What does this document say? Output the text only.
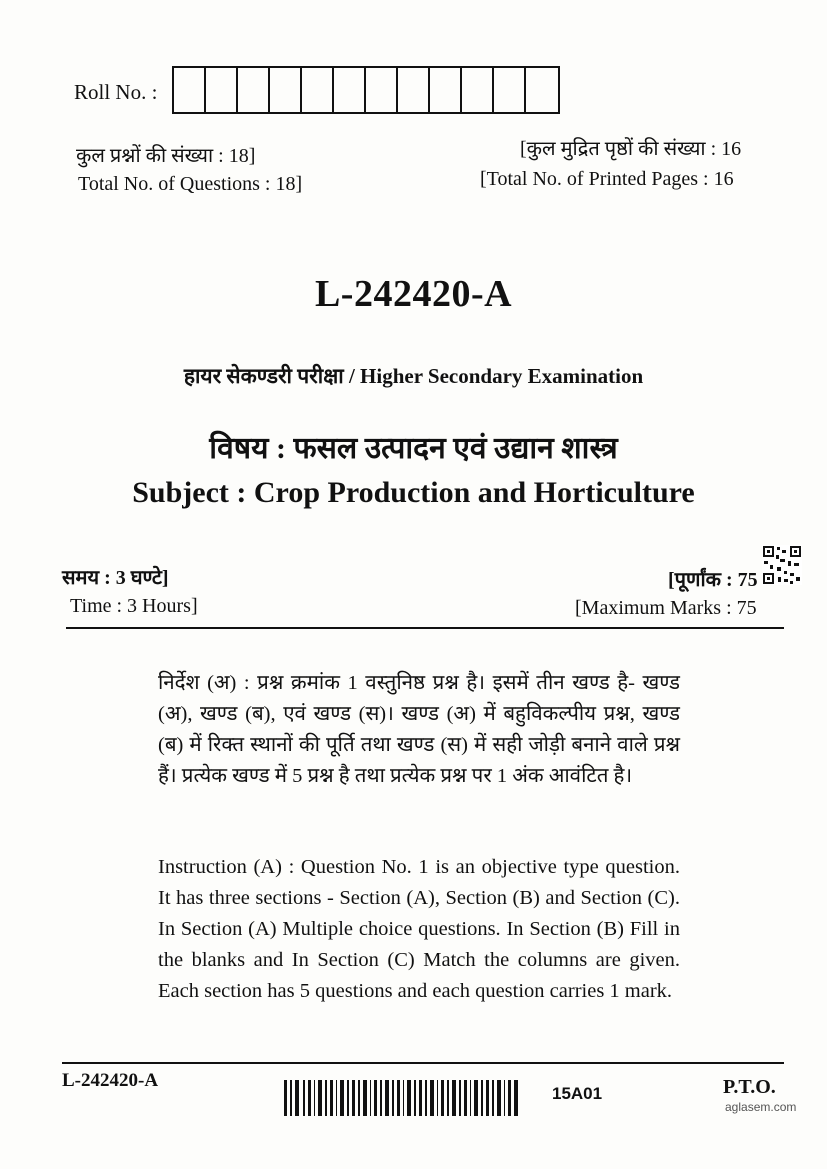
Roll No. :
कुल प्रश्नों की संख्या : 18]
Total No. of Questions : 18]
[कुल मुद्रित पृष्ठों की संख्या : 16
[Total No. of Printed Pages : 16
L-242420-A
हायर सेकण्डरी परीक्षा / Higher Secondary Examination
विषय : फसल उत्पादन एवं उद्यान शास्त्र
Subject : Crop Production and Horticulture
समय : 3 घण्टे]
Time : 3 Hours]
[पूर्णांक : 75
[Maximum Marks : 75
निर्देश (अ) : प्रश्न क्रमांक 1 वस्तुनिष्ठ प्रश्न है। इसमें तीन खण्ड है- खण्ड (अ), खण्ड (ब), एवं खण्ड (स)। खण्ड (अ) में बहुविकल्पीय प्रश्न, खण्ड (ब) में रिक्त स्थानों की पूर्ति तथा खण्ड (स) में सही जोड़ी बनाने वाले प्रश्न हैं। प्रत्येक खण्ड में 5 प्रश्न है तथा प्रत्येक प्रश्न पर 1 अंक आवंटित है।
Instruction (A) : Question No. 1 is an objective type question. It has three sections - Section (A), Section (B) and Section (C). In Section (A) Multiple choice questions. In Section (B) Fill in the blanks and In Section (C) Match the columns are given. Each section has 5 questions and each question carries 1 mark.
L-242420-A
15A01	P.T.O.
aglasem.com
